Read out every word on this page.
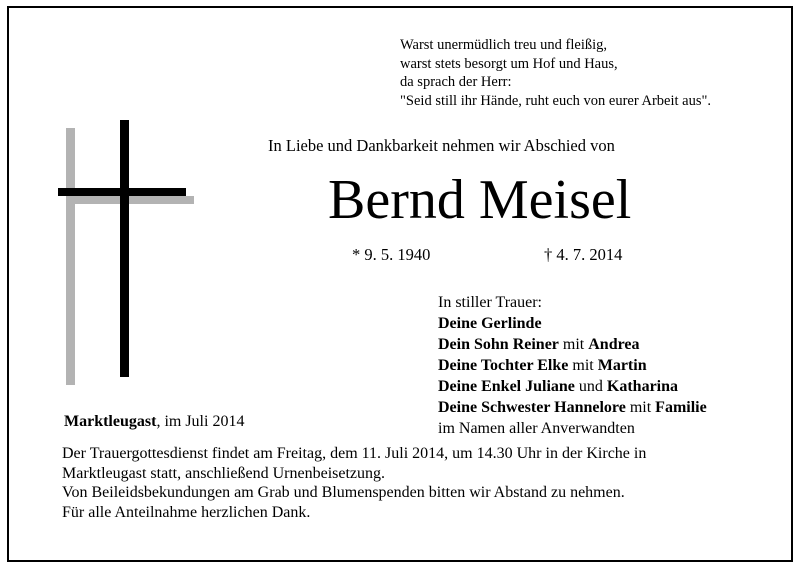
Warst unermüdlich treu und fleißig,
warst stets besorgt um Hof und Haus,
da sprach der Herr:
"Seid still ihr Hände, ruht euch von eurer Arbeit aus".
In Liebe und Dankbarkeit nehmen wir Abschied von
Bernd Meisel
* 9. 5. 1940	† 4. 7. 2014
In stiller Trauer:
Deine Gerlinde
Dein Sohn Reiner mit Andrea
Deine Tochter Elke mit Martin
Deine Enkel Juliane und Katharina
Deine Schwester Hannelore mit Familie
im Namen aller Anverwandten
Marktleugast, im Juli 2014
Der Trauergottesdienst findet am Freitag, dem 11. Juli 2014, um 14.30 Uhr in der Kirche in
Marktleugast statt, anschließend Urnenbeisetzung.
Von Beileidsbekundungen am Grab und Blumenspenden bitten wir Abstand zu nehmen.
Für alle Anteilnahme herzlichen Dank.
